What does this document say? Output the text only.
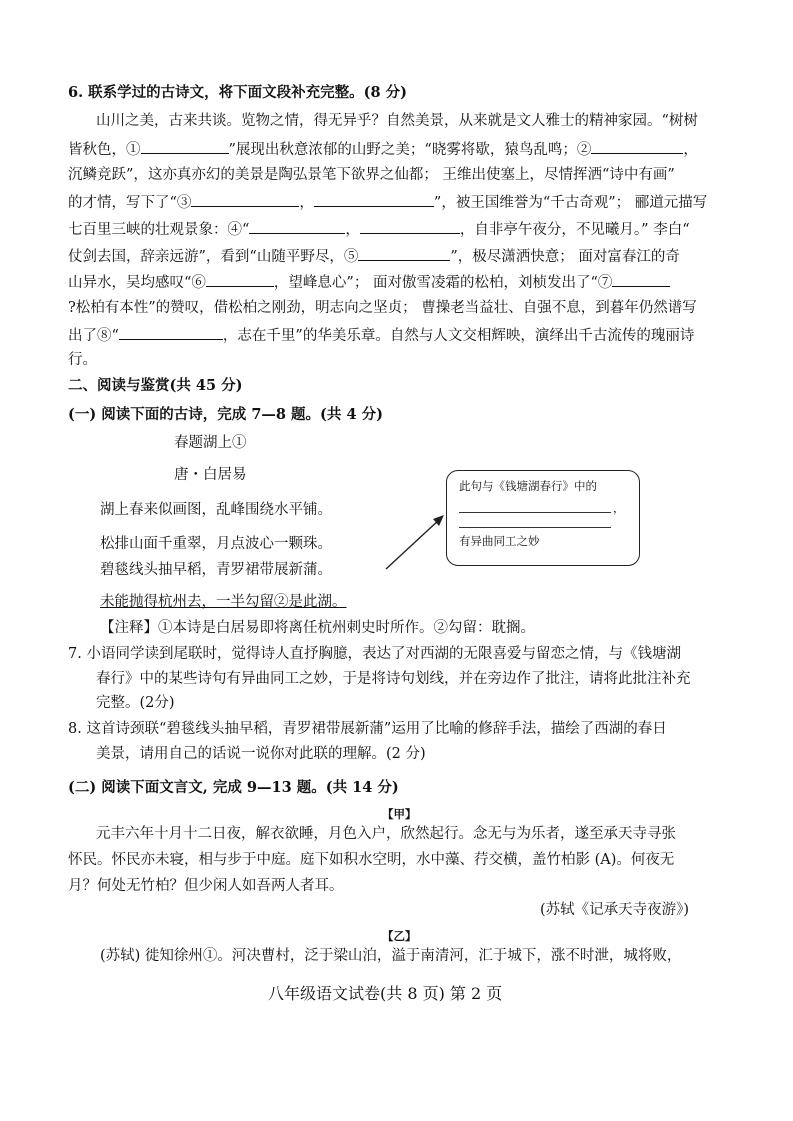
6. 联系学过的古诗文，将下面文段补充完整。(8 分)
山川之美，古来共谈。览物之情，得无异乎？自然美景，从来就是文人雅士的精神家园。“树树
皆秋色，①	”展现出秋意浓郁的山野之美；“晓雾将歇，猿鸟乱鸣；②	，
沉鳞竞跃”，这亦真亦幻的美景是陶弘景笔下欲界之仙都； 王维出使塞上，尽情挥洒“诗中有画”
的才情，写下了“③	，	”，被王国维誉为“千古奇观”； 郦道元描写
七百里三峡的壮观景象：④“	，	，自非亭午夜分，不见曦月。” 李白“
仗剑去国，辞亲远游”，看到“山随平野尽，⑤	”，极尽潇洒快意； 面对富春江的奇
山异水，吴均感叹“⑥	，望峰息心”； 面对傲雪凌霜的松柏，刘桢发出了“⑦
?松柏有本性”的赞叹，借松柏之刚劲，明志向之坚贞； 曹操老当益壮、自强不息，到暮年仍然谱写
出了⑧“	，志在千里”的华美乐章。自然与人文交相辉映，演绎出千古流传的瑰丽诗
行。
二、阅读与鉴赏(共 45 分)
(一) 阅读下面的古诗，完成 7—8 题。(共 4 分)
春题湖上①
唐・白居易
湖上春来似画图，乱峰围绕水平铺。
松排山面千重翠，月点波心一颗珠。
碧毯线头抽早稻，青罗裙带展新蒲。
未能抛得杭州去，一半勾留②是此湖。
【注释】①本诗是白居易即将离任杭州刺史时所作。②勾留：耽搁。
此句与《钱塘湖春行》中的
，
有异曲同工之妙
7. 小语同学读到尾联时，觉得诗人直抒胸臆，表达了对西湖的无限喜爱与留恋之情，与《钱塘湖
春行》中的某些诗句有异曲同工之妙，于是将诗句划线，并在旁边作了批注，请将此批注补充
完整。(2分)
8. 这首诗颈联“碧毯线头抽早稻，青罗裙带展新蒲”运用了比喻的修辞手法，描绘了西湖的春日
美景，请用自己的话说一说你对此联的理解。(2 分)
(二) 阅读下面文言文, 完成 9—13 题。(共 14 分)
【甲】
元丰六年十月十二日夜，解衣欲睡，月色入户，欣然起行。念无与为乐者，遂至承天寺寻张
怀民。怀民亦未寝，相与步于中庭。庭下如积水空明，水中藻、荇交横，盖竹柏影 (A)。何夜无
月？何处无竹柏？但少闲人如吾两人者耳。
(苏轼《记承天寺夜游》)
【乙】
(苏轼) 徙知徐州①。河决曹村，泛于梁山泊，溢于南清河，汇于城下，涨不时泄，城将败，
八年级语文试卷(共 8 页) 第 2 页
